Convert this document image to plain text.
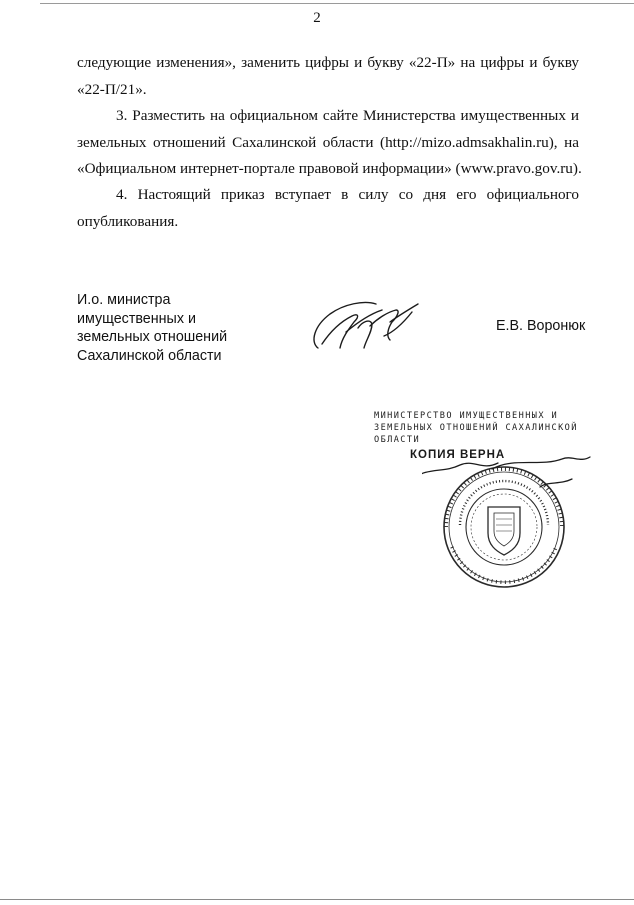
2
следующие изменения», заменить цифры и букву «22-П» на цифры и букву
«22-П/21».
3. Разместить на официальном сайте Министерства имущественных и
земельных отношений Сахалинской области (http://mizo.admsakhalin.ru), на
«Официальном интернет-портале правовой информации» (www.pravo.gov.ru).
4. Настоящий приказ вступает в силу со дня его официального
опубликования.
И.о. министра
имущественных и
земельных отношений
Сахалинской области
Е.В. Воронюк
МИНИСТЕРСТВО ИМУЩЕСТВЕННЫХ И
ЗЕМЕЛЬНЫХ ОТНОШЕНИЙ САХАЛИНСКОЙ
ОБЛАСТИ
КОПИЯ ВЕРНА
